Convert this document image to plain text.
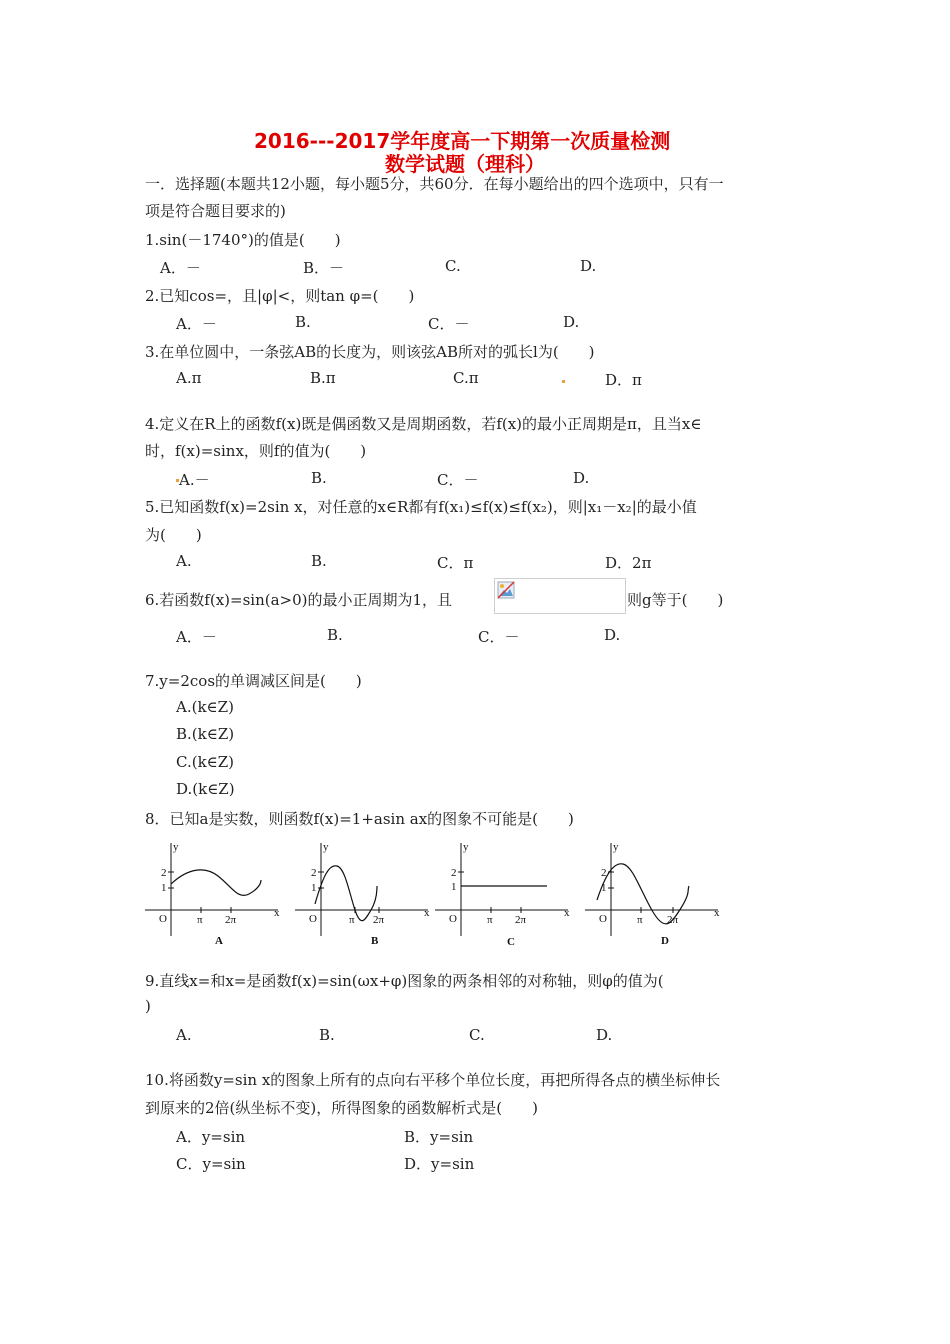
2016---2017学年度高一下期第一次质量检测
数学试题（理科）
一．选择题(本题共12小题，每小题5分，共60分．在每小题给出的四个选项中，只有一
项是符合题目要求的)
1.sin(－1740°)的值是(　　)
A．－	B．－	C.	D.
2.已知cos=，且|φ|<，则tan φ=(　　)
A．－	B.	C．－	D.
3.在单位圆中，一条弦AB的长度为，则该弦AB所对的弧长l为(　　)
A.π	B.π	C.π	D．π
4.定义在R上的函数f(x)既是偶函数又是周期函数，若f(x)的最小正周期是π，且当x∈
时，f(x)=sinx，则f的值为(　　)
A.－	B.	C．－	D.
5.已知函数f(x)=2sin x，对任意的x∈R都有f(x₁)≤f(x)≤f(x₂)，则|x₁－x₂|的最小值
为(　　)
A.	B.	C．π	D．2π
6.若函数f(x)=sin(a>0)的最小正周期为1，且	则g等于(　　)
A．－	B.	C．－	D.
7.y=2cos的单调减区间是(　　)
A.(k∈Z)
B.(k∈Z)
C.(k∈Z)
D.(k∈Z)
8．已知a是实数，则函数f(x)=1+asin ax的图象不可能是(　　)
y
x
O
2
1
π 2π
A
y
x
O
2
1
π 2π
B
y
x
O
2
1
π 2π
C
y
x
O
2
1
π 2π
D
9.直线x=和x=是函数f(x)=sin(ωx+φ)图象的两条相邻的对称轴，则φ的值为(
)
A.	B.	C.	D.
10.将函数y=sin x的图象上所有的点向右平移个单位长度，再把所得各点的横坐标伸长
到原来的2倍(纵坐标不变)，所得图象的函数解析式是(　　)
A．y=sin	B．y=sin
C．y=sin	D．y=sin
